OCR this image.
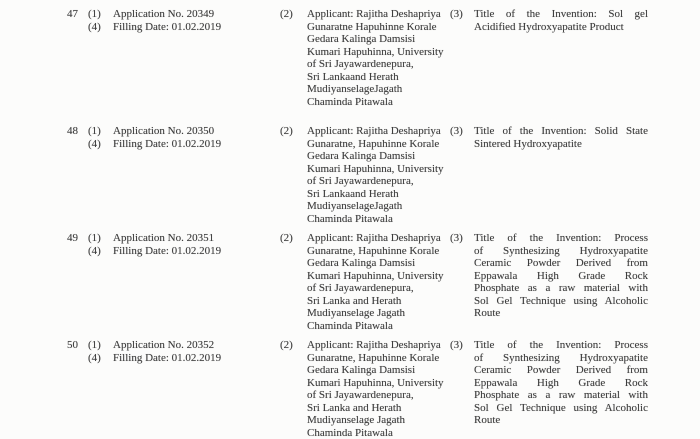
47 (1)	Application No. 20349
(4)	Filling Date: 01.02.2019
(2)	Applicant: Rajitha Deshapriya
Gunaratne Hapuhinne Korale
Gedara Kalinga Damsisi
Kumari Hapuhinna, University
of Sri Jayawardenepura,
Sri Lankaand Herath
MudiyanselageJagath
Chaminda Pitawala
(3)	Title of the Invention: Sol gel
Acidified Hydroxyapatite Product
48 (1)	Application No. 20350
(4)	Filling Date: 01.02.2019
(2)	Applicant: Rajitha Deshapriya
Gunaratne, Hapuhinne Korale
Gedara Kalinga Damsisi
Kumari Hapuhinna, University
of Sri Jayawardenepura,
Sri Lankaand Herath
MudiyanselageJagath
Chaminda Pitawala
(3)	Title of the Invention: Solid State
Sintered Hydroxyapatite
49 (1)	Application No. 20351
(4)	Filling Date: 01.02.2019
(2)	Applicant: Rajitha Deshapriya
Gunaratne, Hapuhinne Korale
Gedara Kalinga Damsisi
Kumari Hapuhinna, University
of Sri Jayawardenepura,
Sri Lanka and Herath
Mudiyanselage Jagath
Chaminda Pitawala
(3)	Title of the Invention: Process
of Synthesizing Hydroxyapatite
Ceramic Powder Derived from
Eppawala High Grade Rock
Phosphate as a raw material with
Sol Gel Technique using Alcoholic
Route
50 (1)	Application No. 20352
(4)	Filling Date: 01.02.2019
(2)	Applicant: Rajitha Deshapriya
Gunaratne, Hapuhinne Korale
Gedara Kalinga Damsisi
Kumari Hapuhinna, University
of Sri Jayawardenepura,
Sri Lanka and Herath
Mudiyanselage Jagath
Chaminda Pitawala
(3)	Title of the Invention: Process
of Synthesizing Hydroxyapatite
Ceramic Powder Derived from
Eppawala High Grade Rock
Phosphate as a raw material with
Sol Gel Technique using Alcoholic
Route
